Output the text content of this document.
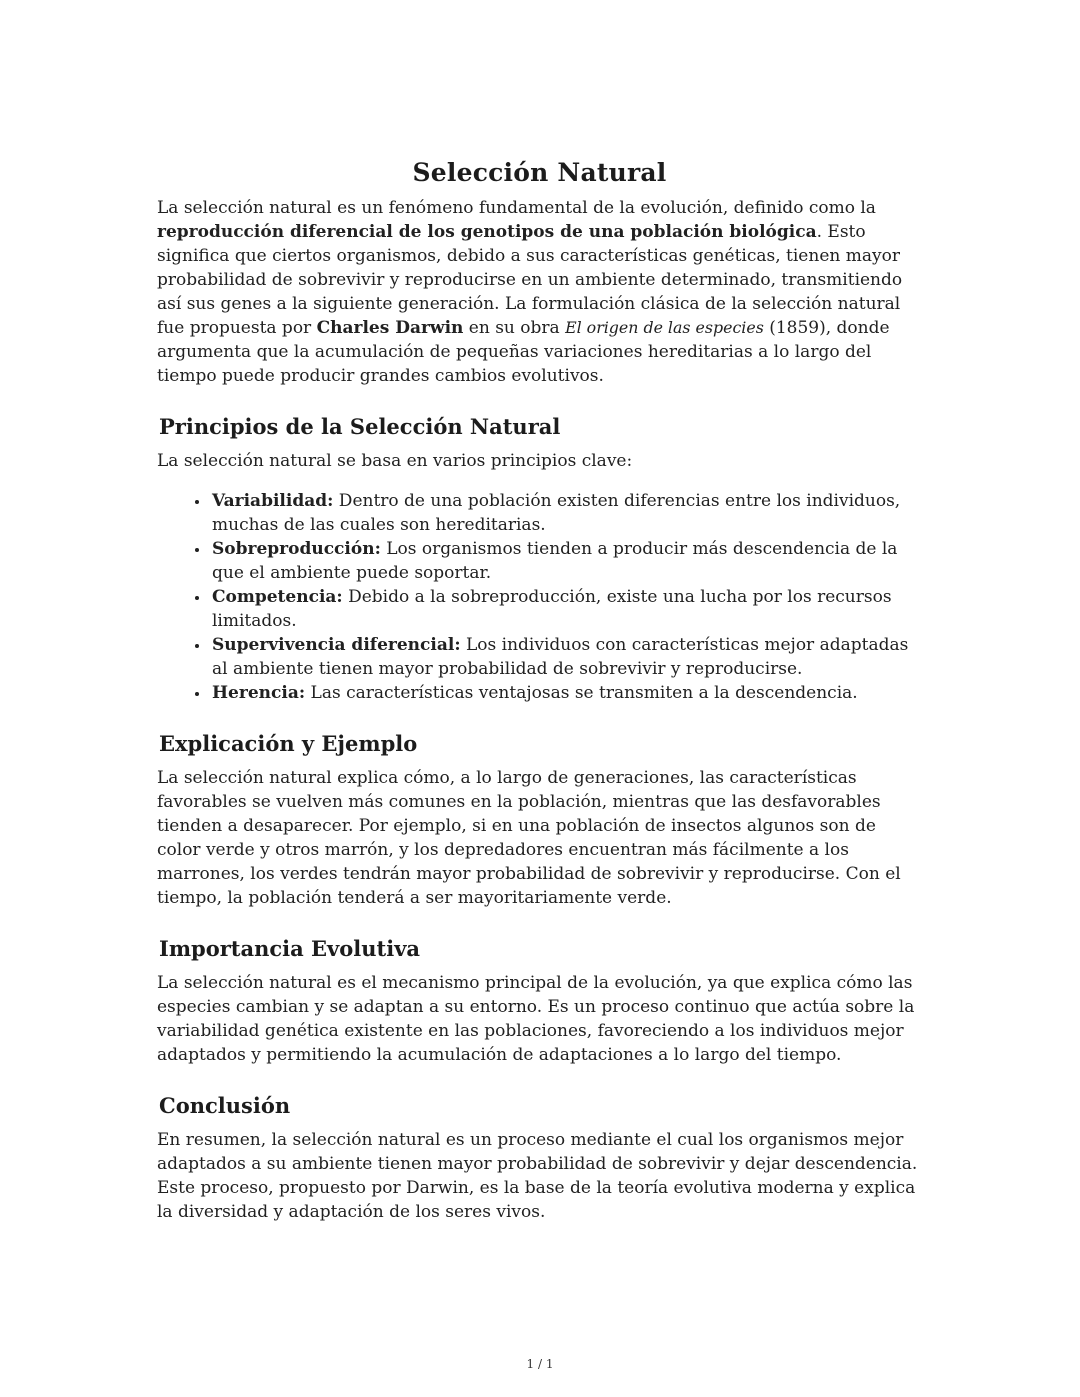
Selección Natural

La selección natural es un fenómeno fundamental de la evolución, definido como la reproducción diferencial de los genotipos de una población biológica. Esto significa que ciertos organismos, debido a sus características genéticas, tienen mayor probabilidad de sobrevivir y reproducirse en un ambiente determinado, transmitiendo así sus genes a la siguiente generación. La formulación clásica de la selección natural fue propuesta por Charles Darwin en su obra El origen de las especies (1859), donde argumenta que la acumulación de pequeñas variaciones hereditarias a lo largo del tiempo puede producir grandes cambios evolutivos.

Principios de la Selección Natural

La selección natural se basa en varios principios clave:

• Variabilidad: Dentro de una población existen diferencias entre los individuos, muchas de las cuales son hereditarias.
• Sobreproducción: Los organismos tienden a producir más descendencia de la que el ambiente puede soportar.
• Competencia: Debido a la sobreproducción, existe una lucha por los recursos limitados.
• Supervivencia diferencial: Los individuos con características mejor adaptadas al ambiente tienen mayor probabilidad de sobrevivir y reproducirse.
• Herencia: Las características ventajosas se transmiten a la descendencia.
Explicación y Ejemplo

La selección natural explica cómo, a lo largo de generaciones, las características favorables se vuelven más comunes en la población, mientras que las desfavorables tienden a desaparecer. Por ejemplo, si en una población de insectos algunos son de color verde y otros marrón, y los depredadores encuentran más fácilmente a los marrones, los verdes tendrán mayor probabilidad de sobrevivir y reproducirse. Con el tiempo, la población tenderá a ser mayoritariamente verde.

Importancia Evolutiva

La selección natural es el mecanismo principal de la evolución, ya que explica cómo las especies cambian y se adaptan a su entorno. Es un proceso continuo que actúa sobre la variabilidad genética existente en las poblaciones, favoreciendo a los individuos mejor adaptados y permitiendo la acumulación de adaptaciones a lo largo del tiempo.

Conclusión

En resumen, la selección natural es un proceso mediante el cual los organismos mejor adaptados a su ambiente tienen mayor probabilidad de sobrevivir y dejar descendencia. Este proceso, propuesto por Darwin, es la base de la teoría evolutiva moderna y explica la diversidad y adaptación de los seres vivos.

1 / 1
